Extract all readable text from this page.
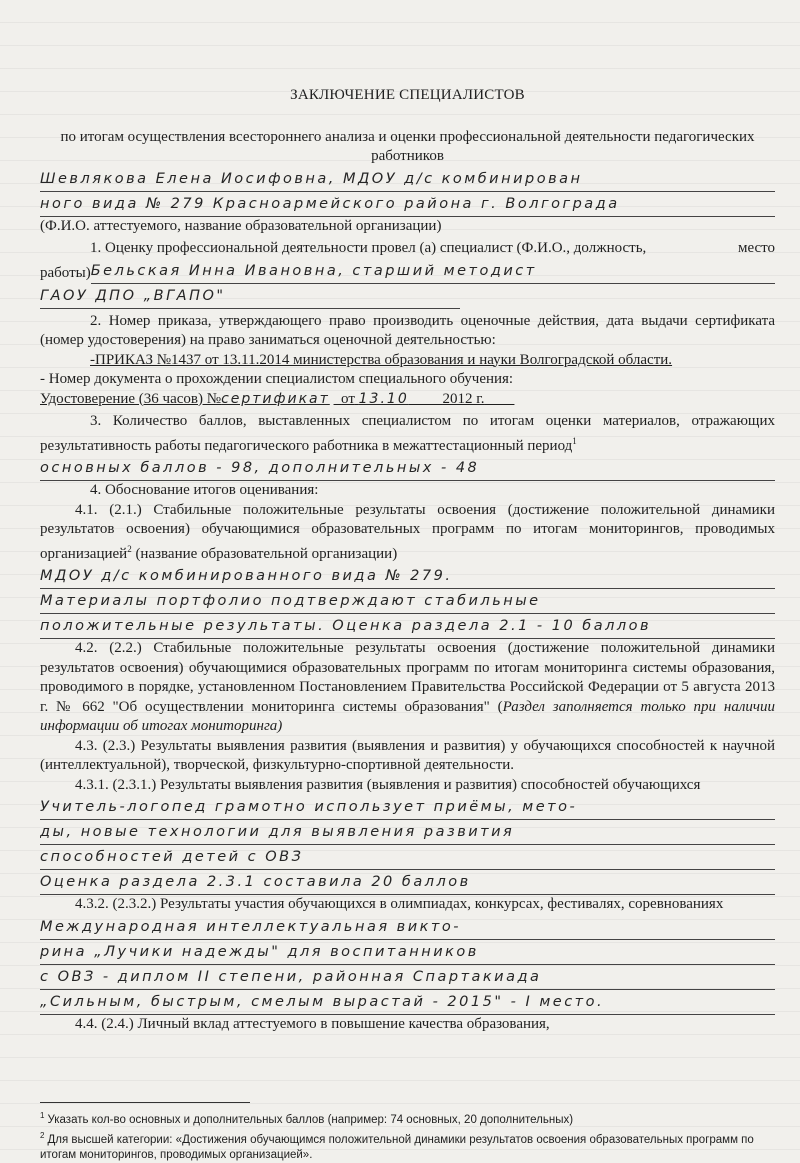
ЗАКЛЮЧЕНИЕ СПЕЦИАЛИСТОВ

по итогам осуществления всестороннего анализа и оценки профессиональной деятельности педагогических работников

Шевлякова Елена Иосифовна, МДОУ д/с комбинирован
ного вида № 279 Красноармейского района г. Волгограда

(Ф.И.О. аттестуемого, название образовательной организации)

1. Оценку профессиональной деятельности провел (а) специалист (Ф.И.О., должность,	место

работы) Бельская Инна Ивановна, старший методист
ГАОУ ДПО „ВГАПО"

2. Номер приказа, утверждающего право производить оценочные действия, дата выдачи сертификата (номер удостоверения) на право заниматься оценочной деятельностью:

-ПРИКАЗ №1437 от 13.11.2014 министерства образования и науки Волгоградской области.

- Номер документа о прохождении специалистом специального обучения:

Удостоверение (36 часов) №сертификат от 13.10 2012 г.

3. Количество баллов, выставленных специалистом по итогам оценки материалов, отражающих результативность работы педагогического работника в межаттестационный период$^1$

основных баллов - 98, дополнительных - 48

4. Обоснование итогов оценивания:

4.1. (2.1.) Стабильные положительные результаты освоения (достижение положительной динамики результатов освоения) обучающимися образовательных программ по итогам мониторингов, проводимых организацией$^2$ (название образовательной организации)

МДОУ д/с комбинированного вида № 279.
Материалы портфолио подтверждают стабильные
положительные результаты. Оценка раздела 2.1 - 10 баллов

4.2. (2.2.) Стабильные положительные результаты освоения (достижение положительной динамики результатов освоения) обучающимися образовательных программ по итогам мониторинга системы образования, проводимого в порядке, установленном Постановлением Правительства Российской Федерации от 5 августа 2013 г. № 662 "Об осуществлении мониторинга системы образования" (Раздел заполняется только при наличии информации об итогах мониторинга)

4.3. (2.3.) Результаты выявления развития (выявления и развития) у обучающихся способностей к научной (интеллектуальной), творческой, физкультурно-спортивной деятельности.

4.3.1. (2.3.1.) Результаты выявления развития (выявления и развития) способностей обучающихся

Учитель-логопед грамотно использует приёмы, мето-
ды, новые технологии для выявления развития
способностей детей с ОВЗ
Оценка раздела 2.3.1 составила 20 баллов

4.3.2. (2.3.2.) Результаты участия обучающихся в олимпиадах, конкурсах, фестивалях, соревнованиях

Международная интеллектуальная викто-
рина „Лучики надежды" для воспитанников
с ОВЗ - диплом II степени, районная Спартакиада
„Сильным, быстрым, смелым вырастай - 2015" - I место.

4.4. (2.4.) Личный вклад аттестуемого в повышение качества образования,

$^1$ Указать кол-во основных и дополнительных баллов (например: 74 основных, 20 дополнительных)

$^2$ Для высшей категории: «Достижения обучающимся положительной динамики результатов освоения образовательных программ по итогам мониторингов, проводимых организацией».
